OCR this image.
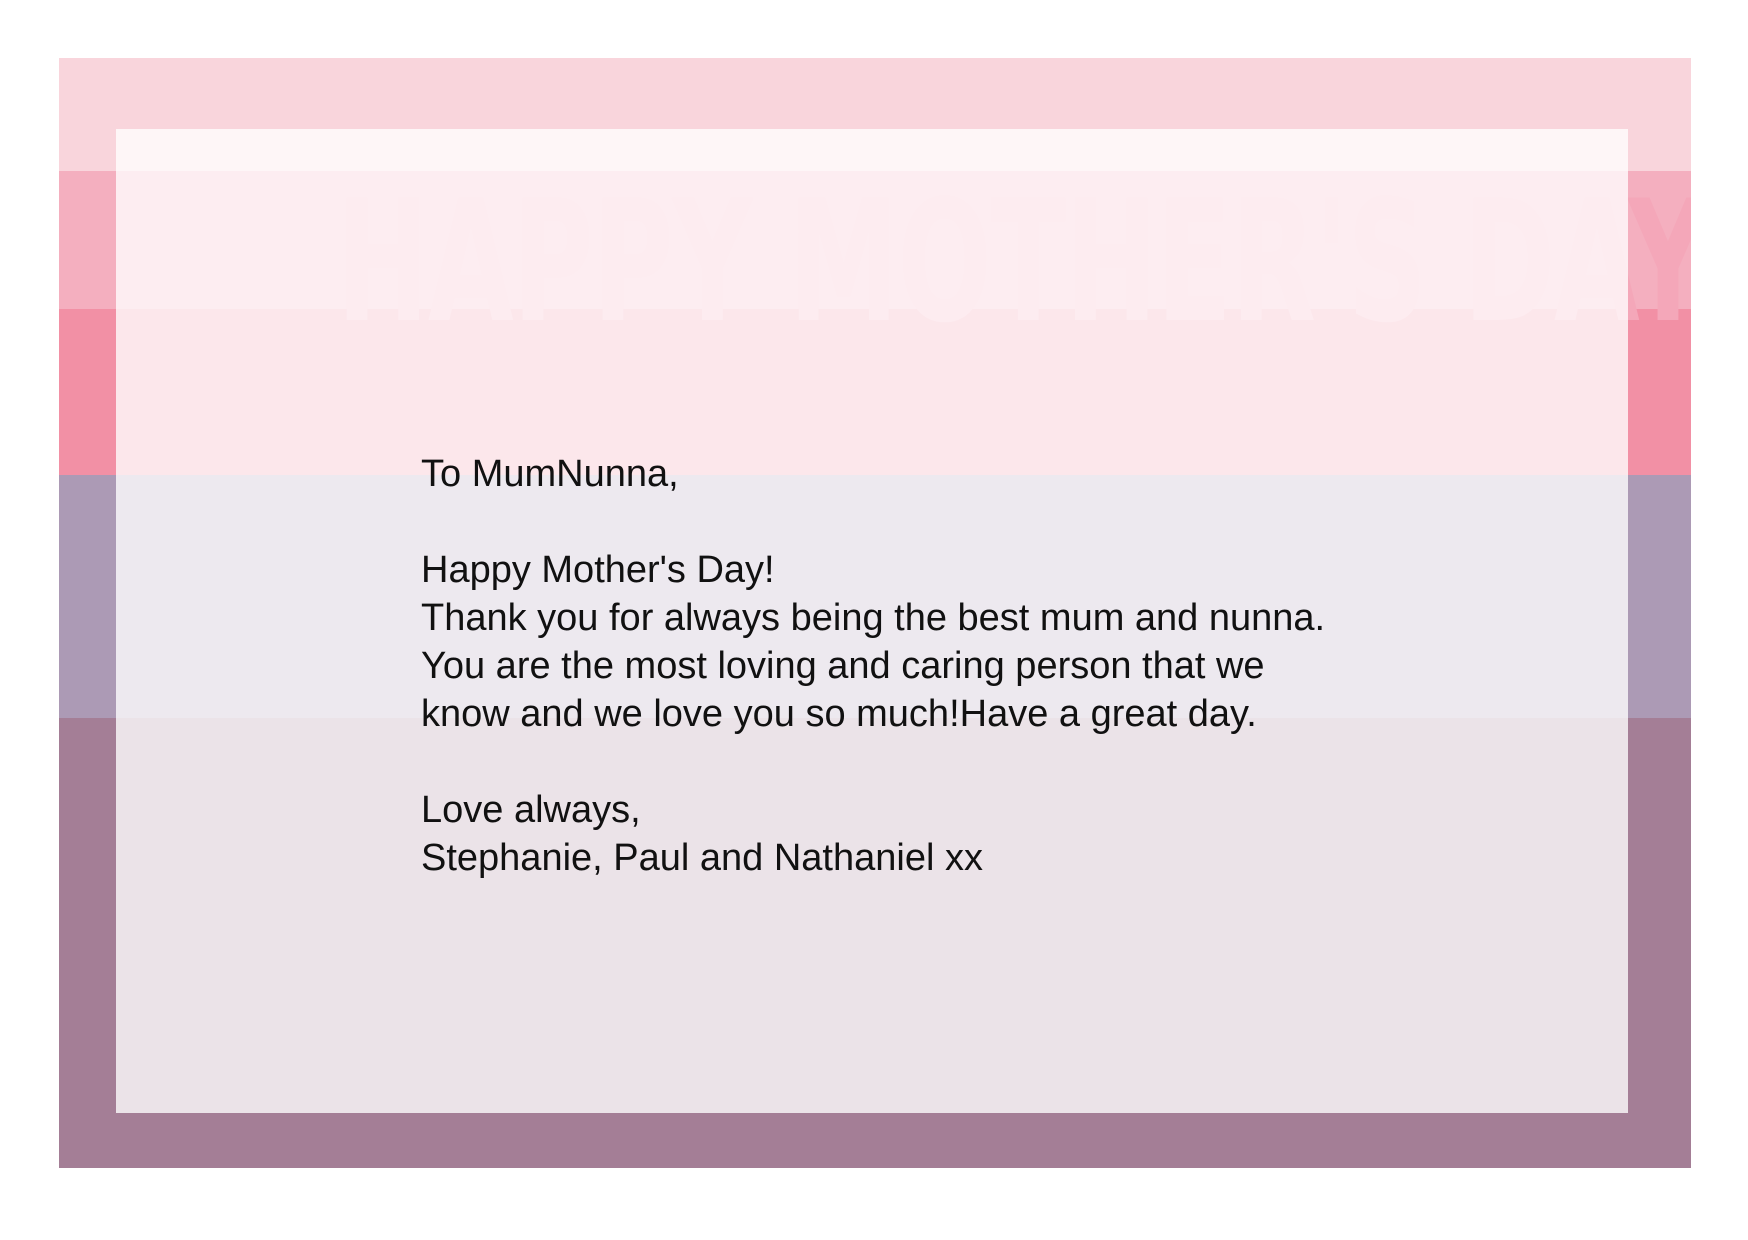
To MumNunna,

Happy Mother's Day!

Thank you for always being the best mum and nunna. You are the most loving and caring person that we know and we love you so much!Have a great day.

Love always,

Stephanie, Paul and Nathaniel xx
